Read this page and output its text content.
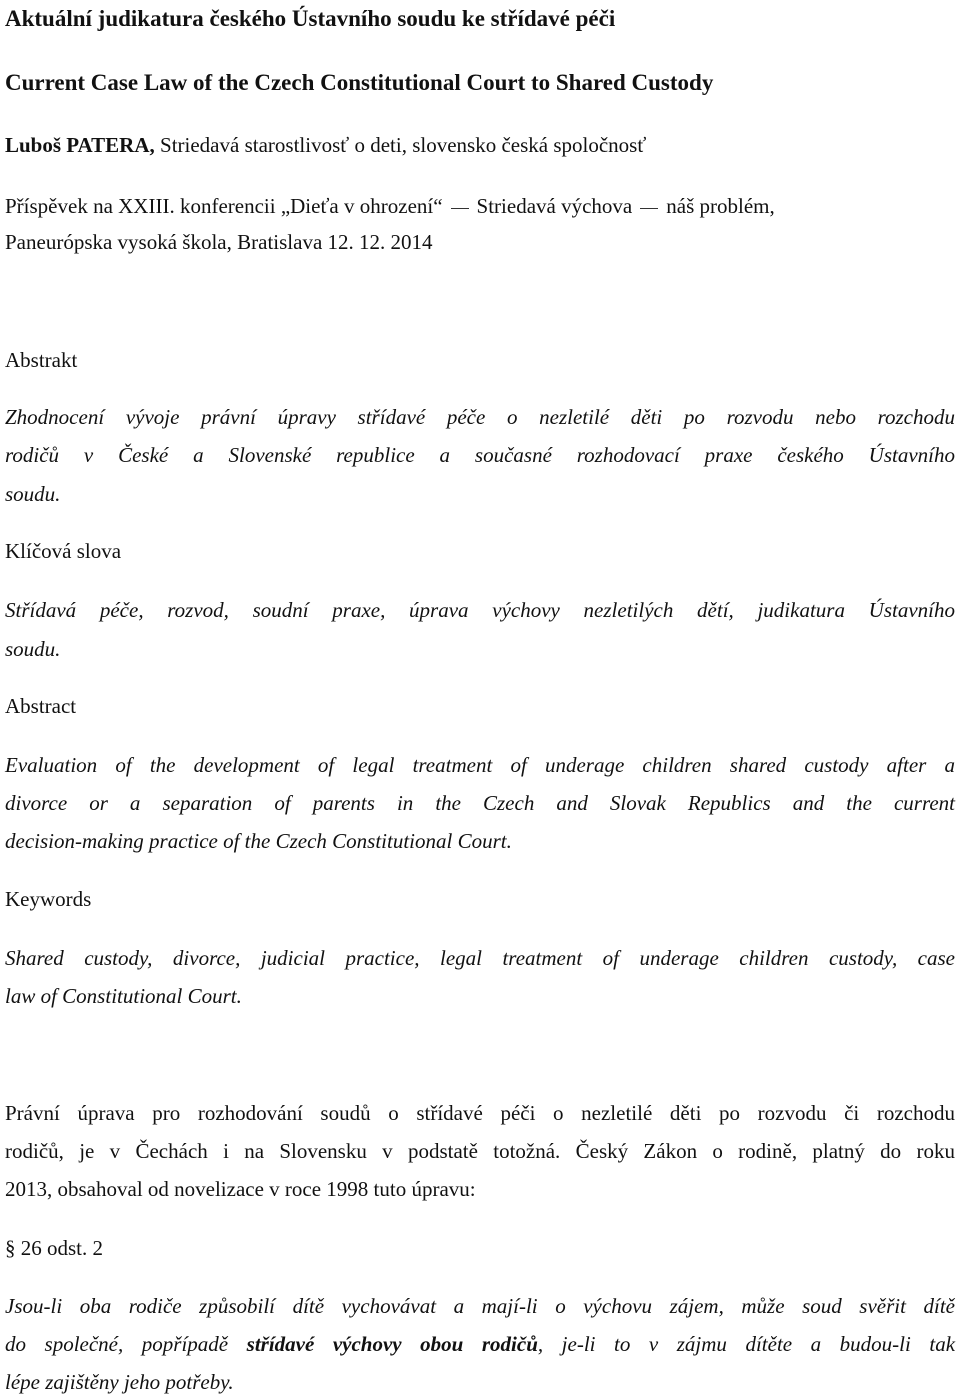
Aktuální judikatura českého Ústavního soudu ke střídavé péči
Current Case Law of the Czech Constitutional Court to Shared Custody
Luboš PATERA, Striedavá starostlivosť o deti, slovensko česká spoločnosť
Příspěvek na XXIII. konferencii „Dieťa v ohrození“ Striedavá výchova náš problém,
Paneurópska vysoká škola, Bratislava 12. 12. 2014
Abstrakt
Zhodnocení vývoje právní úpravy střídavé péče o nezletilé děti po rozvodu nebo rozchodu
rodičů v České a Slovenské republice a současné rozhodovací praxe českého Ústavního
soudu.
Klíčová slova
Střídavá péče, rozvod, soudní praxe, úprava výchovy nezletilých dětí, judikatura Ústavního
soudu.
Abstract
Evaluation of the development of legal treatment of underage children shared custody after a
divorce or a separation of parents in the Czech and Slovak Republics and the current
decision-making practice of the Czech Constitutional Court.
Keywords
Shared custody, divorce, judicial practice, legal treatment of underage children custody, case
law of Constitutional Court.
Právní úprava pro rozhodování soudů o střídavé péči o nezletilé děti po rozvodu či rozchodu
rodičů, je v Čechách i na Slovensku v podstatě totožná. Český Zákon o rodině, platný do roku
2013, obsahoval od novelizace v roce 1998 tuto úpravu:
§ 26 odst. 2
Jsou-li oba rodiče způsobilí dítě vychovávat a mají-li o výchovu zájem, může soud svěřit dítě
do společné, popřípadě střídavé výchovy obou rodičů, je-li to v zájmu dítěte a budou-li tak
lépe zajištěny jeho potřeby.
